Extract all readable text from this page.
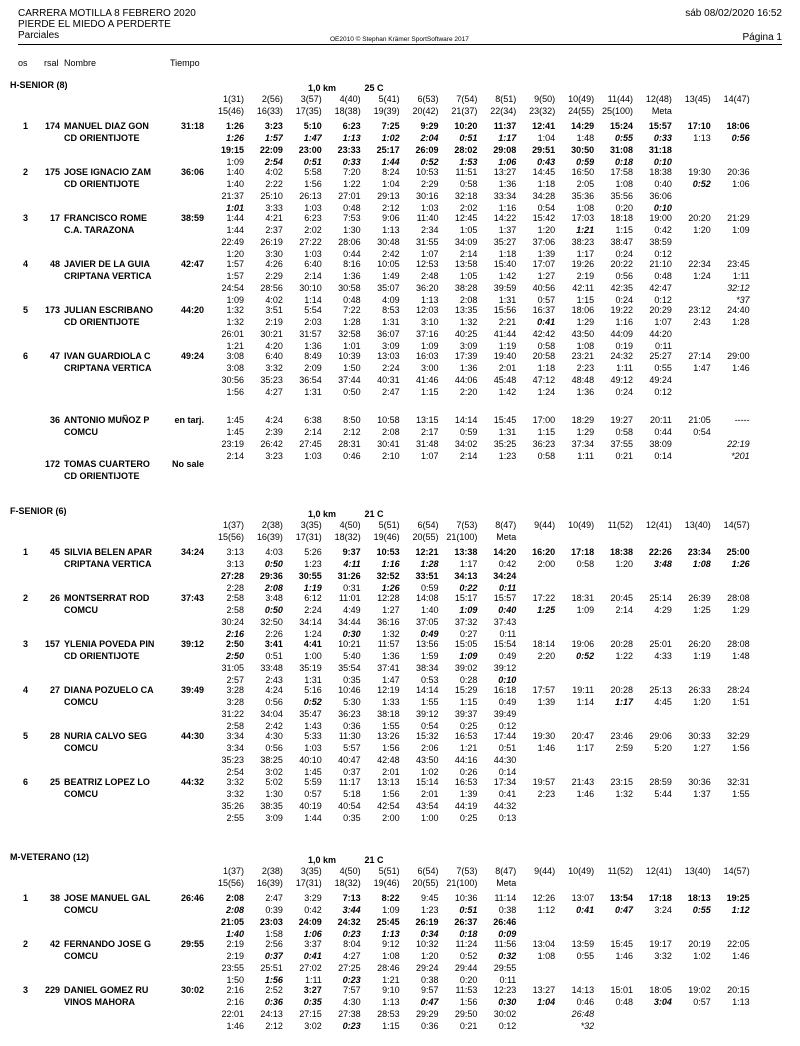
CARRERA MOTILLA 8 FEBRERO 2020
PIERDE EL MIEDO A PERDERTE
Parciales
sáb 08/02/2020 16:52
OE2010 © Stephan Krämer SportSoftware 2017	Página 1
os rsal Nombre	Tiempo
H-SENIOR (8)	1,0 km	25 C
1(31)	2(56)	3(57)	4(40)	5(41)	6(53)	7(54)	8(51)	9(50)	10(49)	11(44)	12(48)	13(45)	14(47)
15(46)	16(33)	17(35)	18(38)	19(39)	20(42)	21(37)	22(34)	23(32)	24(55) 25(100)	Meta
1	174 MANUEL DIAZ GON
CD ORIENTIJOTE
31:18	1:26	3:23	5:10	6:23	7:25	9:29	10:20	11:37	12:41	14:29	15:24	15:57	17:10	18:06
1:26	1:57	1:47	1:13	1:02	2:04	0:51	1:17	1:04	1:48	0:55	0:33	1:13	0:56
19:15	22:09	23:00	23:33	25:17	26:09	28:02	29:08	29:51	30:50	31:08	31:18
1:09	2:54	0:51	0:33	1:44	0:52	1:53	1:06	0:43	0:59	0:18	0:10
2	175 JOSE IGNACIO ZAM
CD ORIENTIJOTE
36:06	1:40	4:02	5:58	7:20	8:24	10:53	11:51	13:27	14:45	16:50	17:58	18:38	19:30	20:36
1:40	2:22	1:56	1:22	1:04	2:29	0:58	1:36	1:18	2:05	1:08	0:40	0:52	1:06
21:37	25:10	26:13	27:01	29:13	30:16	32:18	33:34	34:28	35:36	35:56	36:06
1:01	3:33	1:03	0:48	2:12	1:03	2:02	1:16	0:54	1:08	0:20	0:10
3	17 FRANCISCO ROME
C.A. TARAZONA
38:59	1:44	4:21	6:23	7:53	9:06	11:40	12:45	14:22	15:42	17:03	18:18	19:00	20:20	21:29
1:44	2:37	2:02	1:30	1:13	2:34	1:05	1:37	1:20	1:21	1:15	0:42	1:20	1:09
22:49	26:19	27:22	28:06	30:48	31:55	34:09	35:27	37:06	38:23	38:47	38:59
1:20	3:30	1:03	0:44	2:42	1:07	2:14	1:18	1:39	1:17	0:24	0:12
4	48 JAVIER DE LA GUIA
CRIPTANA VERTICA
42:47	1:57	4:26	6:40	8:16	10:05	12:53	13:58	15:40	17:07	19:26	20:22	21:10	22:34	23:45
1:57	2:29	2:14	1:36	1:49	2:48	1:05	1:42	1:27	2:19	0:56	0:48	1:24	1:11
24:54	28:56	30:10	30:58	35:07	36:20	38:28	39:59	40:56	42:11	42:35	42:47	32:12
1:09	4:02	1:14	0:48	4:09	1:13	2:08	1:31	0:57	1:15	0:24	0:12	*37
5	173 JULIAN ESCRIBANO
CD ORIENTIJOTE
44:20	1:32	3:51	5:54	7:22	8:53	12:03	13:35	15:56	16:37	18:06	19:22	20:29	23:12	24:40
1:32	2:19	2:03	1:28	1:31	3:10	1:32	2:21	0:41	1:29	1:16	1:07	2:43	1:28
26:01	30:21	31:57	32:58	36:07	37:16	40:25	41:44	42:42	43:50	44:09	44:20
1:21	4:20	1:36	1:01	3:09	1:09	3:09	1:19	0:58	1:08	0:19	0:11
6	47 IVAN GUARDIOLA C
CRIPTANA VERTICA
49:24	3:08	6:40	8:49	10:39	13:03	16:03	17:39	19:40	20:58	23:21	24:32	25:27	27:14	29:00
3:08	3:32	2:09	1:50	2:24	3:00	1:36	2:01	1:18	2:23	1:11	0:55	1:47	1:46
30:56	35:23	36:54	37:44	40:31	41:46	44:06	45:48	47:12	48:48	49:12	49:24
1:56	4:27	1:31	0:50	2:47	1:15	2:20	1:42	1:24	1:36	0:24	0:12
36 ANTONIO MUÑOZ P
COMCU
en tarj.	1:45	4:24	6:38	8:50	10:58	13:15	14:14	15:45	17:00	18:29	19:27	20:11	21:05	-----
1:45	2:39	2:14	2:12	2:08	2:17	0:59	1:31	1:15	1:29	0:58	0:44	0:54
23:19	26:42	27:45	28:31	30:41	31:48	34:02	35:25	36:23	37:34	37:55	38:09	22:19
2:14	3:23	1:03	0:46	2:10	1:07	2:14	1:23	0:58	1:11	0:21	0:14	*201
172 TOMAS CUARTERO
CD ORIENTIJOTE
No sale
F-SENIOR (6)	1,0 km	21 C
1(37)	2(38)	3(35)	4(50)	5(51)	6(54)	7(53)	8(47)	9(44)	10(49)	11(52)	12(41)	13(40)	14(57)
15(56)	16(39)	17(31)	18(32)	19(46)	20(55) 21(100)	Meta
1	45 SILVIA BELEN APAR
CRIPTANA VERTICA
34:24	3:13	4:03	5:26	9:37	10:53	12:21	13:38	14:20	16:20	17:18	18:38	22:26	23:34	25:00
3:13	0:50	1:23	4:11	1:16	1:28	1:17	0:42	2:00	0:58	1:20	3:48	1:08	1:26
27:28	29:36	30:55	31:26	32:52	33:51	34:13	34:24
2:28	2:08	1:19	0:31	1:26	0:59	0:22	0:11
2	26 MONTSERRAT ROD
COMCU
37:43	2:58	3:48	6:12	11:01	12:28	14:08	15:17	15:57	17:22	18:31	20:45	25:14	26:39	28:08
2:58	0:50	2:24	4:49	1:27	1:40	1:09	0:40	1:25	1:09	2:14	4:29	1:25	1:29
30:24	32:50	34:14	34:44	36:16	37:05	37:32	37:43
2:16	2:26	1:24	0:30	1:32	0:49	0:27	0:11
3	157 YLENIA POVEDA PIN
CD ORIENTIJOTE
39:12	2:50	3:41	4:41	10:21	11:57	13:56	15:05	15:54	18:14	19:06	20:28	25:01	26:20	28:08
2:50	0:51	1:00	5:40	1:36	1:59	1:09	0:49	2:20	0:52	1:22	4:33	1:19	1:48
31:05	33:48	35:19	35:54	37:41	38:34	39:02	39:12
2:57	2:43	1:31	0:35	1:47	0:53	0:28	0:10
4	27 DIANA POZUELO CA
COMCU
39:49	3:28	4:24	5:16	10:46	12:19	14:14	15:29	16:18	17:57	19:11	20:28	25:13	26:33	28:24
3:28	0:56	0:52	5:30	1:33	1:55	1:15	0:49	1:39	1:14	1:17	4:45	1:20	1:51
31:22	34:04	35:47	36:23	38:18	39:12	39:37	39:49
2:58	2:42	1:43	0:36	1:55	0:54	0:25	0:12
5	28 NURIA CALVO SEG
COMCU
44:30	3:34	4:30	5:33	11:30	13:26	15:32	16:53	17:44	19:30	20:47	23:46	29:06	30:33	32:29
3:34	0:56	1:03	5:57	1:56	2:06	1:21	0:51	1:46	1:17	2:59	5:20	1:27	1:56
35:23	38:25	40:10	40:47	42:48	43:50	44:16	44:30
2:54	3:02	1:45	0:37	2:01	1:02	0:26	0:14
6	25 BEATRIZ LOPEZ LO
COMCU
44:32	3:32	5:02	5:59	11:17	13:13	15:14	16:53	17:34	19:57	21:43	23:15	28:59	30:36	32:31
3:32	1:30	0:57	5:18	1:56	2:01	1:39	0:41	2:23	1:46	1:32	5:44	1:37	1:55
35:26	38:35	40:19	40:54	42:54	43:54	44:19	44:32
2:55	3:09	1:44	0:35	2:00	1:00	0:25	0:13
M-VETERANO (12)	1,0 km	21 C
1(37)	2(38)	3(35)	4(50)	5(51)	6(54)	7(53)	8(47)	9(44)	10(49)	11(52)	12(41)	13(40)	14(57)
15(56)	16(39)	17(31)	18(32)	19(46)	20(55) 21(100)	Meta
1	38 JOSE MANUEL GAL
COMCU
26:46	2:08	2:47	3:29	7:13	8:22	9:45	10:36	11:14	12:26	13:07	13:54	17:18	18:13	19:25
2:08	0:39	0:42	3:44	1:09	1:23	0:51	0:38	1:12	0:41	0:47	3:24	0:55	1:12
21:05	23:03	24:09	24:32	25:45	26:19	26:37	26:46
1:40	1:58	1:06	0:23	1:13	0:34	0:18	0:09
2	42 FERNANDO JOSE G
COMCU
29:55	2:19	2:56	3:37	8:04	9:12	10:32	11:24	11:56	13:04	13:59	15:45	19:17	20:19	22:05
2:19	0:37	0:41	4:27	1:08	1:20	0:52	0:32	1:08	0:55	1:46	3:32	1:02	1:46
23:55	25:51	27:02	27:25	28:46	29:24	29:44	29:55
1:50	1:56	1:11	0:23	1:21	0:38	0:20	0:11
3	229 DANIEL GOMEZ RU
VINOS MAHORA
30:02	2:16	2:52	3:27	7:57	9:10	9:57	11:53	12:23	13:27	14:13	15:01	18:05	19:02	20:15
2:16	0:36	0:35	4:30	1:13	0:47	1:56	0:30	1:04	0:46	0:48	3:04	0:57	1:13
22:01	24:13	27:15	27:38	28:53	29:29	29:50	30:02	26:48
1:46	2:12	3:02	0:23	1:15	0:36	0:21	0:12	*32
